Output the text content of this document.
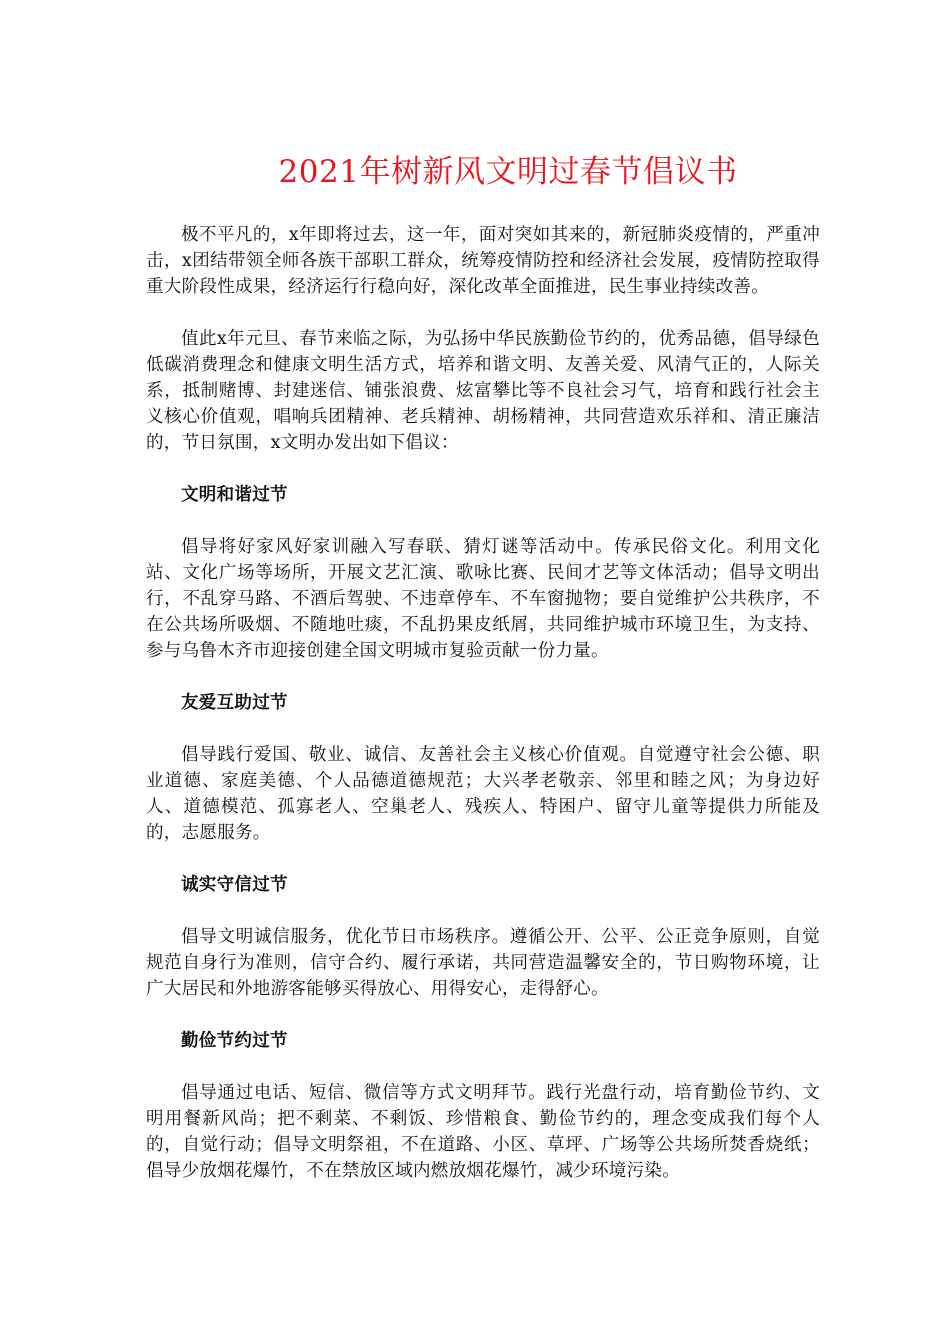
2021年树新风文明过春节倡议书

极不平凡的，x年即将过去，这一年，面对突如其来的，新冠肺炎疫情的，严重冲击，x团结带领全师各族干部职工群众，统筹疫情防控和经济社会发展，疫情防控取得重大阶段性成果，经济运行行稳向好，深化改革全面推进，民生事业持续改善。

值此x年元旦、春节来临之际，为弘扬中华民族勤俭节约的，优秀品德，倡导绿色低碳消费理念和健康文明生活方式，培养和谐文明、友善关爱、风清气正的，人际关系，抵制赌博、封建迷信、铺张浪费、炫富攀比等不良社会习气，培育和践行社会主义核心价值观，唱响兵团精神、老兵精神、胡杨精神，共同营造欢乐祥和、清正廉洁的，节日氛围，x文明办发出如下倡议：

文明和谐过节

倡导将好家风好家训融入写春联、猜灯谜等活动中。传承民俗文化。利用文化站、文化广场等场所，开展文艺汇演、歌咏比赛、民间才艺等文体活动；倡导文明出行，不乱穿马路、不酒后驾驶、不违章停车、不车窗抛物；要自觉维护公共秩序，不在公共场所吸烟、不随地吐痰，不乱扔果皮纸屑，共同维护城市环境卫生，为支持、参与乌鲁木齐市迎接创建全国文明城市复验贡献一份力量。

友爱互助过节

倡导践行爱国、敬业、诚信、友善社会主义核心价值观。自觉遵守社会公德、职业道德、家庭美德、个人品德道德规范；大兴孝老敬亲、邻里和睦之风；为身边好人、道德模范、孤寡老人、空巢老人、残疾人、特困户、留守儿童等提供力所能及的，志愿服务。

诚实守信过节

倡导文明诚信服务，优化节日市场秩序。遵循公开、公平、公正竞争原则，自觉规范自身行为准则，信守合约、履行承诺，共同营造温馨安全的，节日购物环境，让广大居民和外地游客能够买得放心、用得安心，走得舒心。

勤俭节约过节

倡导通过电话、短信、微信等方式文明拜节。践行光盘行动，培育勤俭节约、文明用餐新风尚；把不剩菜、不剩饭、珍惜粮食、勤俭节约的，理念变成我们每个人的，自觉行动；倡导文明祭祖，不在道路、小区、草坪、广场等公共场所焚香烧纸；倡导少放烟花爆竹，不在禁放区域内燃放烟花爆竹，减少环境污染。
